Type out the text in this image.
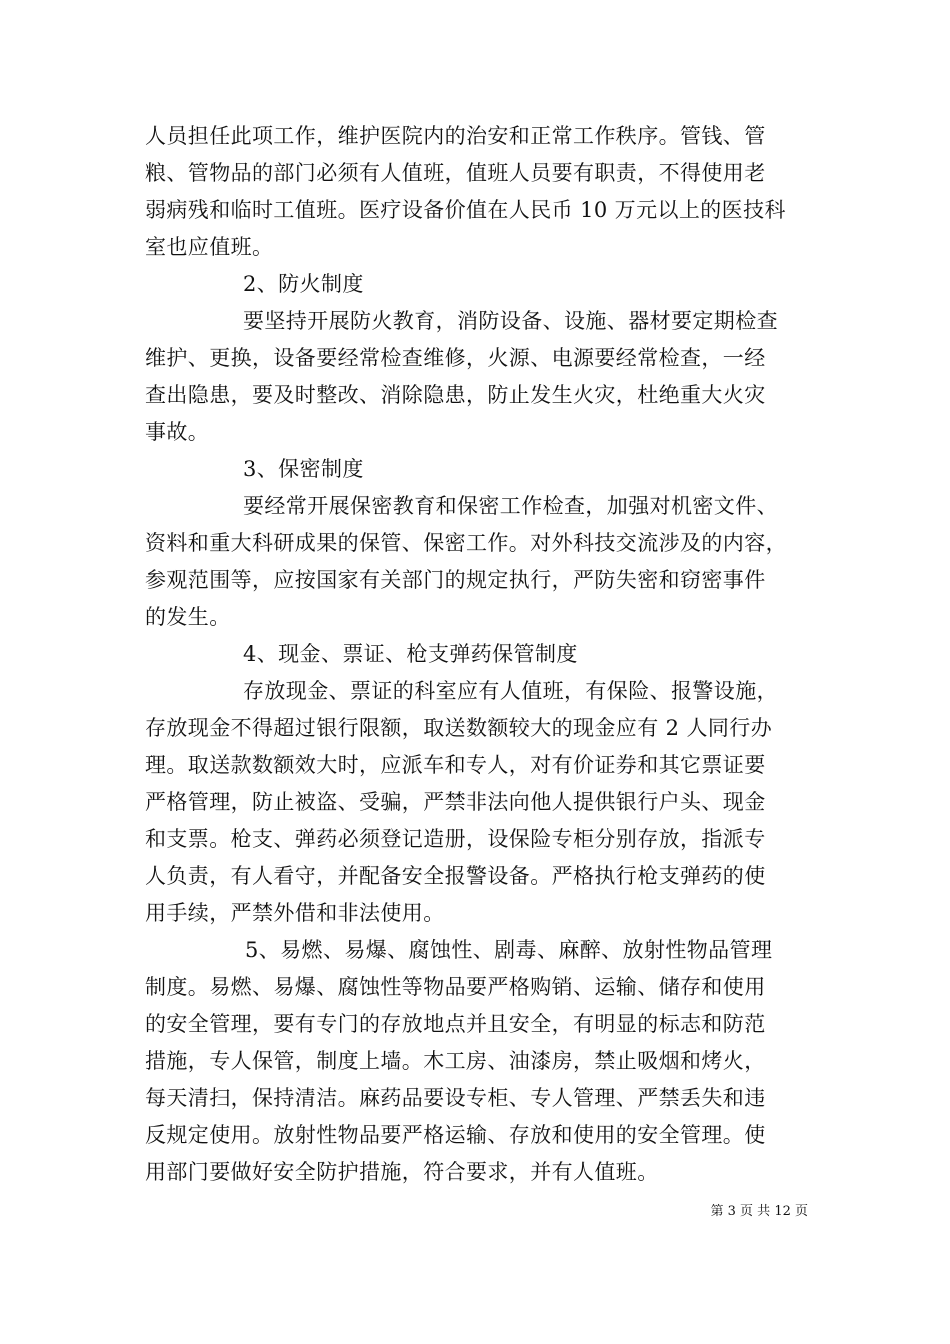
人员担任此项工作，维护医院内的治安和正常工作秩序。管钱、管
粮、管物品的部门必须有人值班，值班人员要有职责，不得使用老
弱病残和临时工值班。医疗设备价值在人民币 10 万元以上的医技科
室也应值班。
2、防火制度
要坚持开展防火教育，消防设备、设施、器材要定期检查
维护、更换，设备要经常检查维修，火源、电源要经常检查，一经
查出隐患，要及时整改、消除隐患，防止发生火灾，杜绝重大火灾
事故。
3、保密制度
要经常开展保密教育和保密工作检查，加强对机密文件、
资料和重大科研成果的保管、保密工作。对外科技交流涉及的内容，
参观范围等，应按国家有关部门的规定执行，严防失密和窃密事件
的发生。
4、现金、票证、枪支弹药保管制度
存放现金、票证的科室应有人值班，有保险、报警设施，
存放现金不得超过银行限额，取送数额较大的现金应有 2 人同行办
理。取送款数额效大时，应派车和专人，对有价证券和其它票证要
严格管理，防止被盗、受骗，严禁非法向他人提供银行户头、现金
和支票。枪支、弹药必须登记造册，设保险专柜分别存放，指派专
人负责，有人看守，并配备安全报警设备。严格执行枪支弹药的使
用手续，严禁外借和非法使用。
5、易燃、易爆、腐蚀性、剧毒、麻醉、放射性物品管理
制度。易燃、易爆、腐蚀性等物品要严格购销、运输、储存和使用
的安全管理，要有专门的存放地点并且安全，有明显的标志和防范
措施，专人保管，制度上墙。木工房、油漆房，禁止吸烟和烤火，
每天清扫，保持清洁。麻药品要设专柜、专人管理、严禁丢失和违
反规定使用。放射性物品要严格运输、存放和使用的安全管理。使
用部门要做好安全防护措施，符合要求，并有人值班。
第 3 页 共 12 页
